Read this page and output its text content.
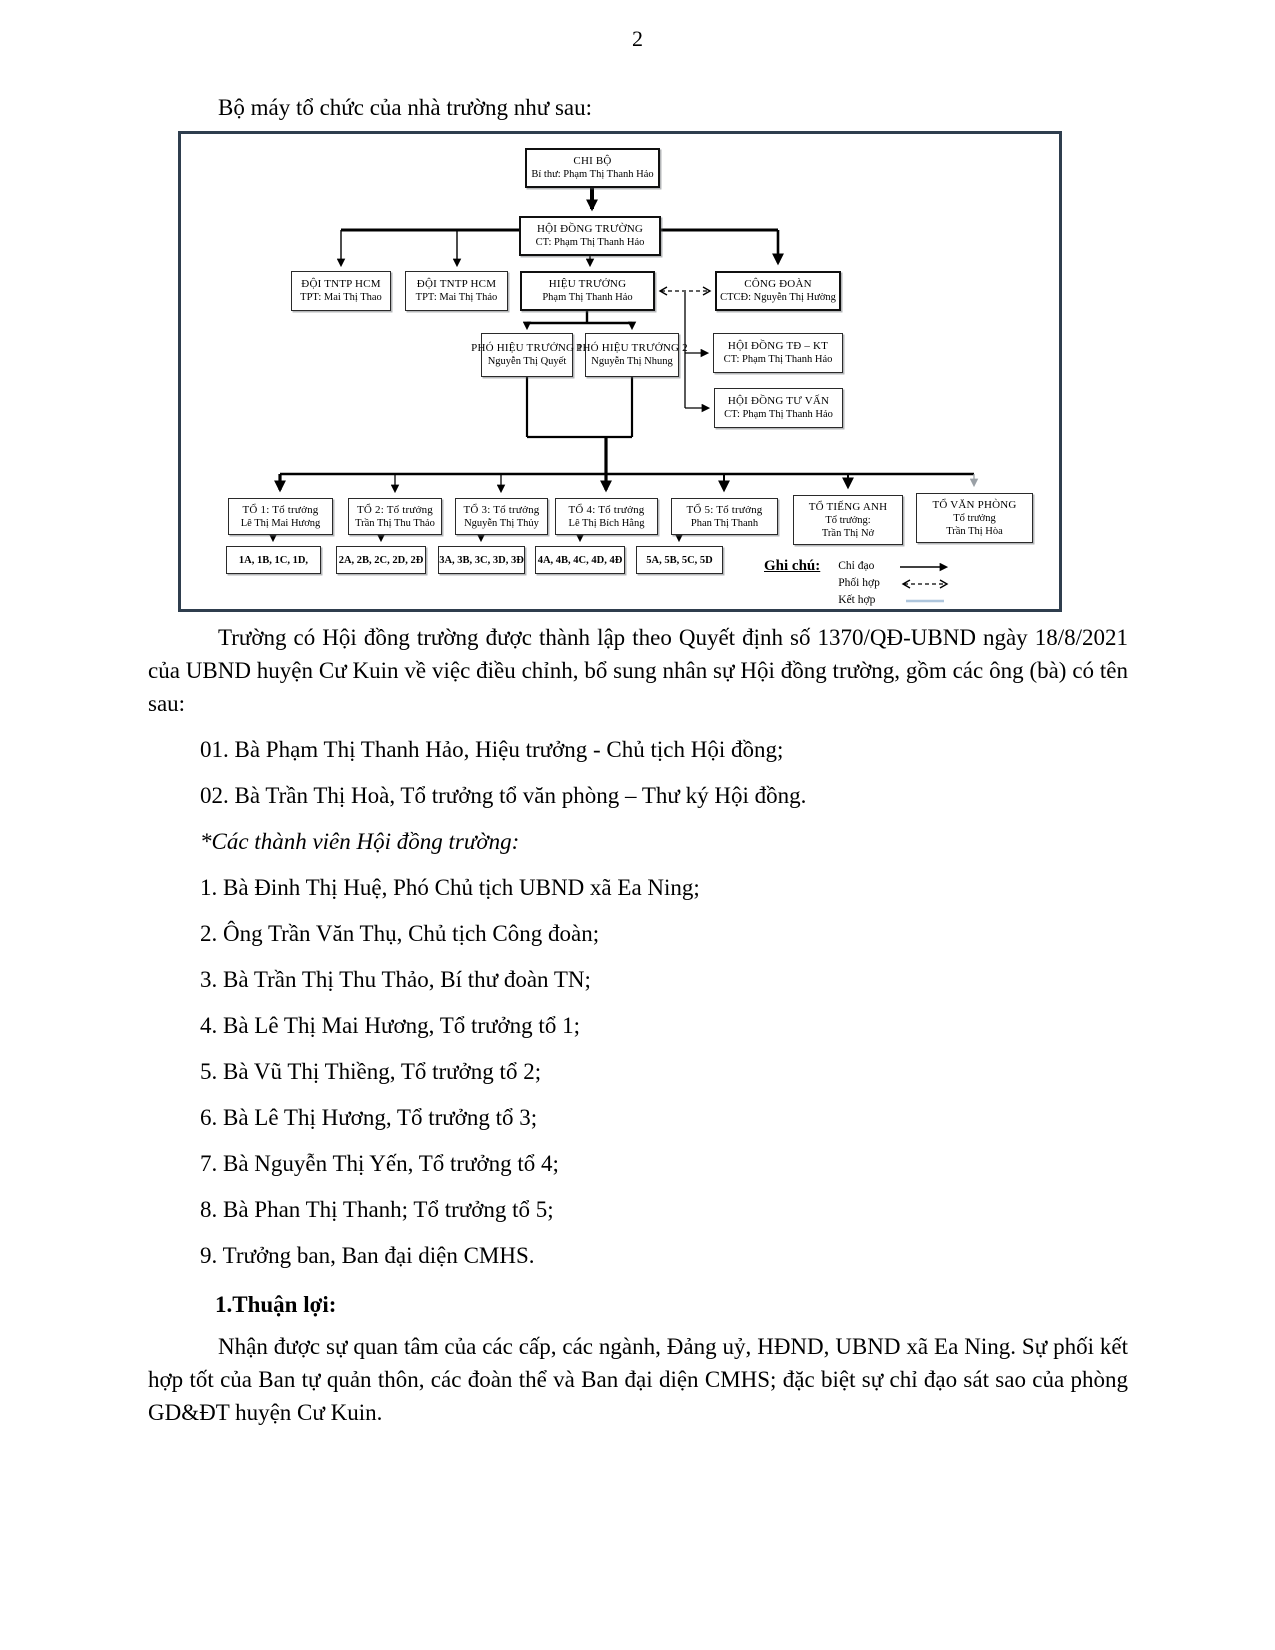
2
Bộ máy tổ chức của nhà trường như sau:
CHI BỘ
Bí thư: Phạm Thị Thanh Hảo
HỘI ĐỒNG TRƯỜNG
CT: Phạm Thị Thanh Hảo
ĐỘI TNTP HCM
TPT: Mai Thị Thao
ĐỘI TNTP HCM
TPT: Mai Thị Thảo
HIỆU TRƯỞNG
Phạm Thị Thanh Hảo
CÔNG ĐOÀN
CTCĐ: Nguyễn Thị Hường
PHÓ HIỆU TRƯỞNG 1
Nguyễn Thị Quyết
PHÓ HIỆU TRƯỞNG 2
Nguyễn Thị Nhung
HỘI ĐỒNG TĐ – KT
CT: Phạm Thị Thanh Hảo
HỘI ĐỒNG TƯ VẤN
CT: Phạm Thị Thanh Hảo
TỔ 1: Tổ trưởng
Lê Thị Mai Hương
TỔ 2: Tổ trưởng
Trần Thị Thu Thảo
TỔ 3: Tổ trưởng
Nguyễn Thị Thủy
TỔ 4: Tổ trưởng
Lê Thị Bích Hằng
TỔ 5: Tổ trưởng
Phan Thị Thanh
TỔ TIẾNG ANH
Tổ trưởng:
Trần Thị Nở
TỔ VĂN PHÒNG
Tổ trưởng
Trần Thị Hòa
1A, 1B, 1C, 1D,	2A, 2B, 2C, 2D, 2Đ 3A, 3B, 3C, 3D, 3Đ 4A, 4B, 4C, 4D, 4Đ	5A, 5B, 5C, 5D	Ghi chú: Chỉ đạo
Phối hợp
Kết hợp

Trường có Hội đồng trường được thành lập theo Quyết định số 1370/QĐ-UBND ngày 18/8/2021 của UBND huyện Cư Kuin về việc điều chỉnh, bổ sung nhân sự Hội đồng trường, gồm các ông (bà) có tên sau:

01. Bà Phạm Thị Thanh Hảo, Hiệu trưởng - Chủ tịch Hội đồng;
02. Bà Trần Thị Hoà, Tổ trưởng tổ văn phòng – Thư ký Hội đồng.
*Các thành viên Hội đồng trường:
1. Bà Đinh Thị Huệ, Phó Chủ tịch UBND xã Ea Ning;
2. Ông Trần Văn Thụ, Chủ tịch Công đoàn;
3. Bà Trần Thị Thu Thảo, Bí thư đoàn TN;
4. Bà Lê Thị Mai Hương, Tổ trưởng tổ 1;
5. Bà Vũ Thị Thiềng, Tổ trưởng tổ 2;
6. Bà Lê Thị Hương, Tổ trưởng tổ 3;
7. Bà Nguyễn Thị Yến, Tổ trưởng tổ 4;
8. Bà Phan Thị Thanh; Tổ trưởng tổ 5;
9. Trưởng ban, Ban đại diện CMHS.
1.Thuận lợi:

Nhận được sự quan tâm của các cấp, các ngành, Đảng uỷ, HĐND, UBND xã Ea Ning. Sự phối kết hợp tốt của Ban tự quản thôn, các đoàn thể và Ban đại diện CMHS; đặc biệt sự chỉ đạo sát sao của phòng GD&ĐT huyện Cư Kuin.
